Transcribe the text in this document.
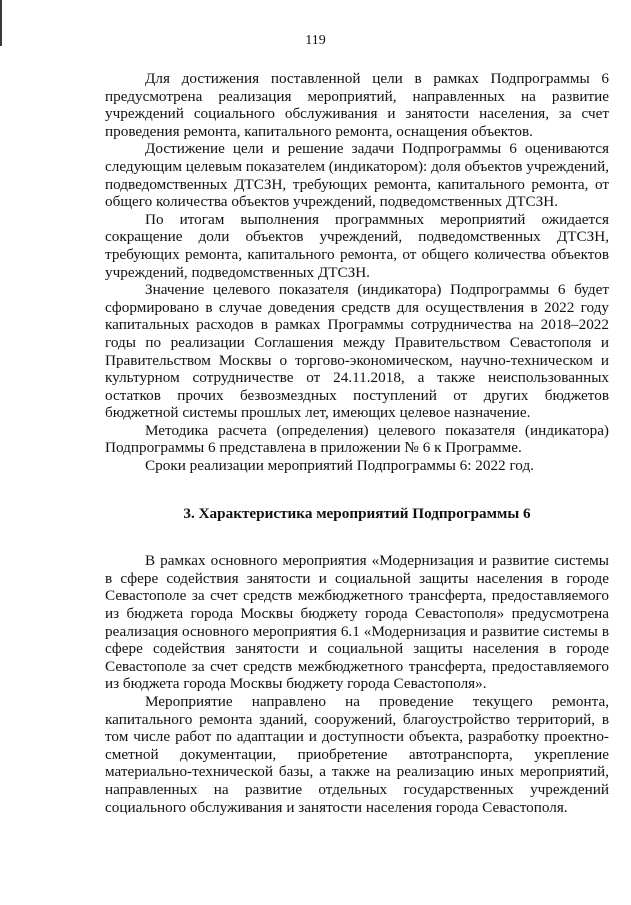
119

Для достижения поставленной цели в рамках Подпрограммы 6 предусмотрена реализация мероприятий, направленных на развитие учреждений социального обслуживания и занятости населения, за счет проведения ремонта, капитального ремонта, оснащения объектов.

Достижение цели и решение задачи Подпрограммы 6 оцениваются следующим целевым показателем (индикатором): доля объектов учреждений, подведомственных ДТСЗН, требующих ремонта, капитального ремонта, от общего количества объектов учреждений, подведомственных ДТСЗН.

По итогам выполнения программных мероприятий ожидается сокращение доли объектов учреждений, подведомственных ДТСЗН, требующих ремонта, капитального ремонта, от общего количества объектов учреждений, подведомственных ДТСЗН.

Значение целевого показателя (индикатора) Подпрограммы 6 будет сформировано в случае доведения средств для осуществления в 2022 году капитальных расходов в рамках Программы сотрудничества на 2018–2022 годы по реализации Соглашения между Правительством Севастополя и Правительством Москвы о торгово-экономическом, научно-техническом и культурном сотрудничестве от 24.11.2018, а также неиспользованных остатков прочих безвозмездных поступлений от других бюджетов бюджетной системы прошлых лет, имеющих целевое назначение.

Методика расчета (определения) целевого показателя (индикатора) Подпрограммы 6 представлена в приложении № 6 к Программе.

Сроки реализации мероприятий Подпрограммы 6: 2022 год.

3. Характеристика мероприятий Подпрограммы 6

В рамках основного мероприятия «Модернизация и развитие системы в сфере содействия занятости и социальной защиты населения в городе Севастополе за счет средств межбюджетного трансферта, предоставляемого из бюджета города Москвы бюджету города Севастополя» предусмотрена реализация основного мероприятия 6.1 «Модернизация и развитие системы в сфере содействия занятости и социальной защиты населения в городе Севастополе за счет средств межбюджетного трансферта, предоставляемого из бюджета города Москвы бюджету города Севастополя».

Мероприятие направлено на проведение текущего ремонта, капитального ремонта зданий, сооружений, благоустройство территорий, в том числе работ по адаптации и доступности объекта, разработку проектно-сметной документации, приобретение автотранспорта, укрепление материально-технической базы, а также на реализацию иных мероприятий, направленных на развитие отдельных государственных учреждений социального обслуживания и занятости населения города Севастополя.
